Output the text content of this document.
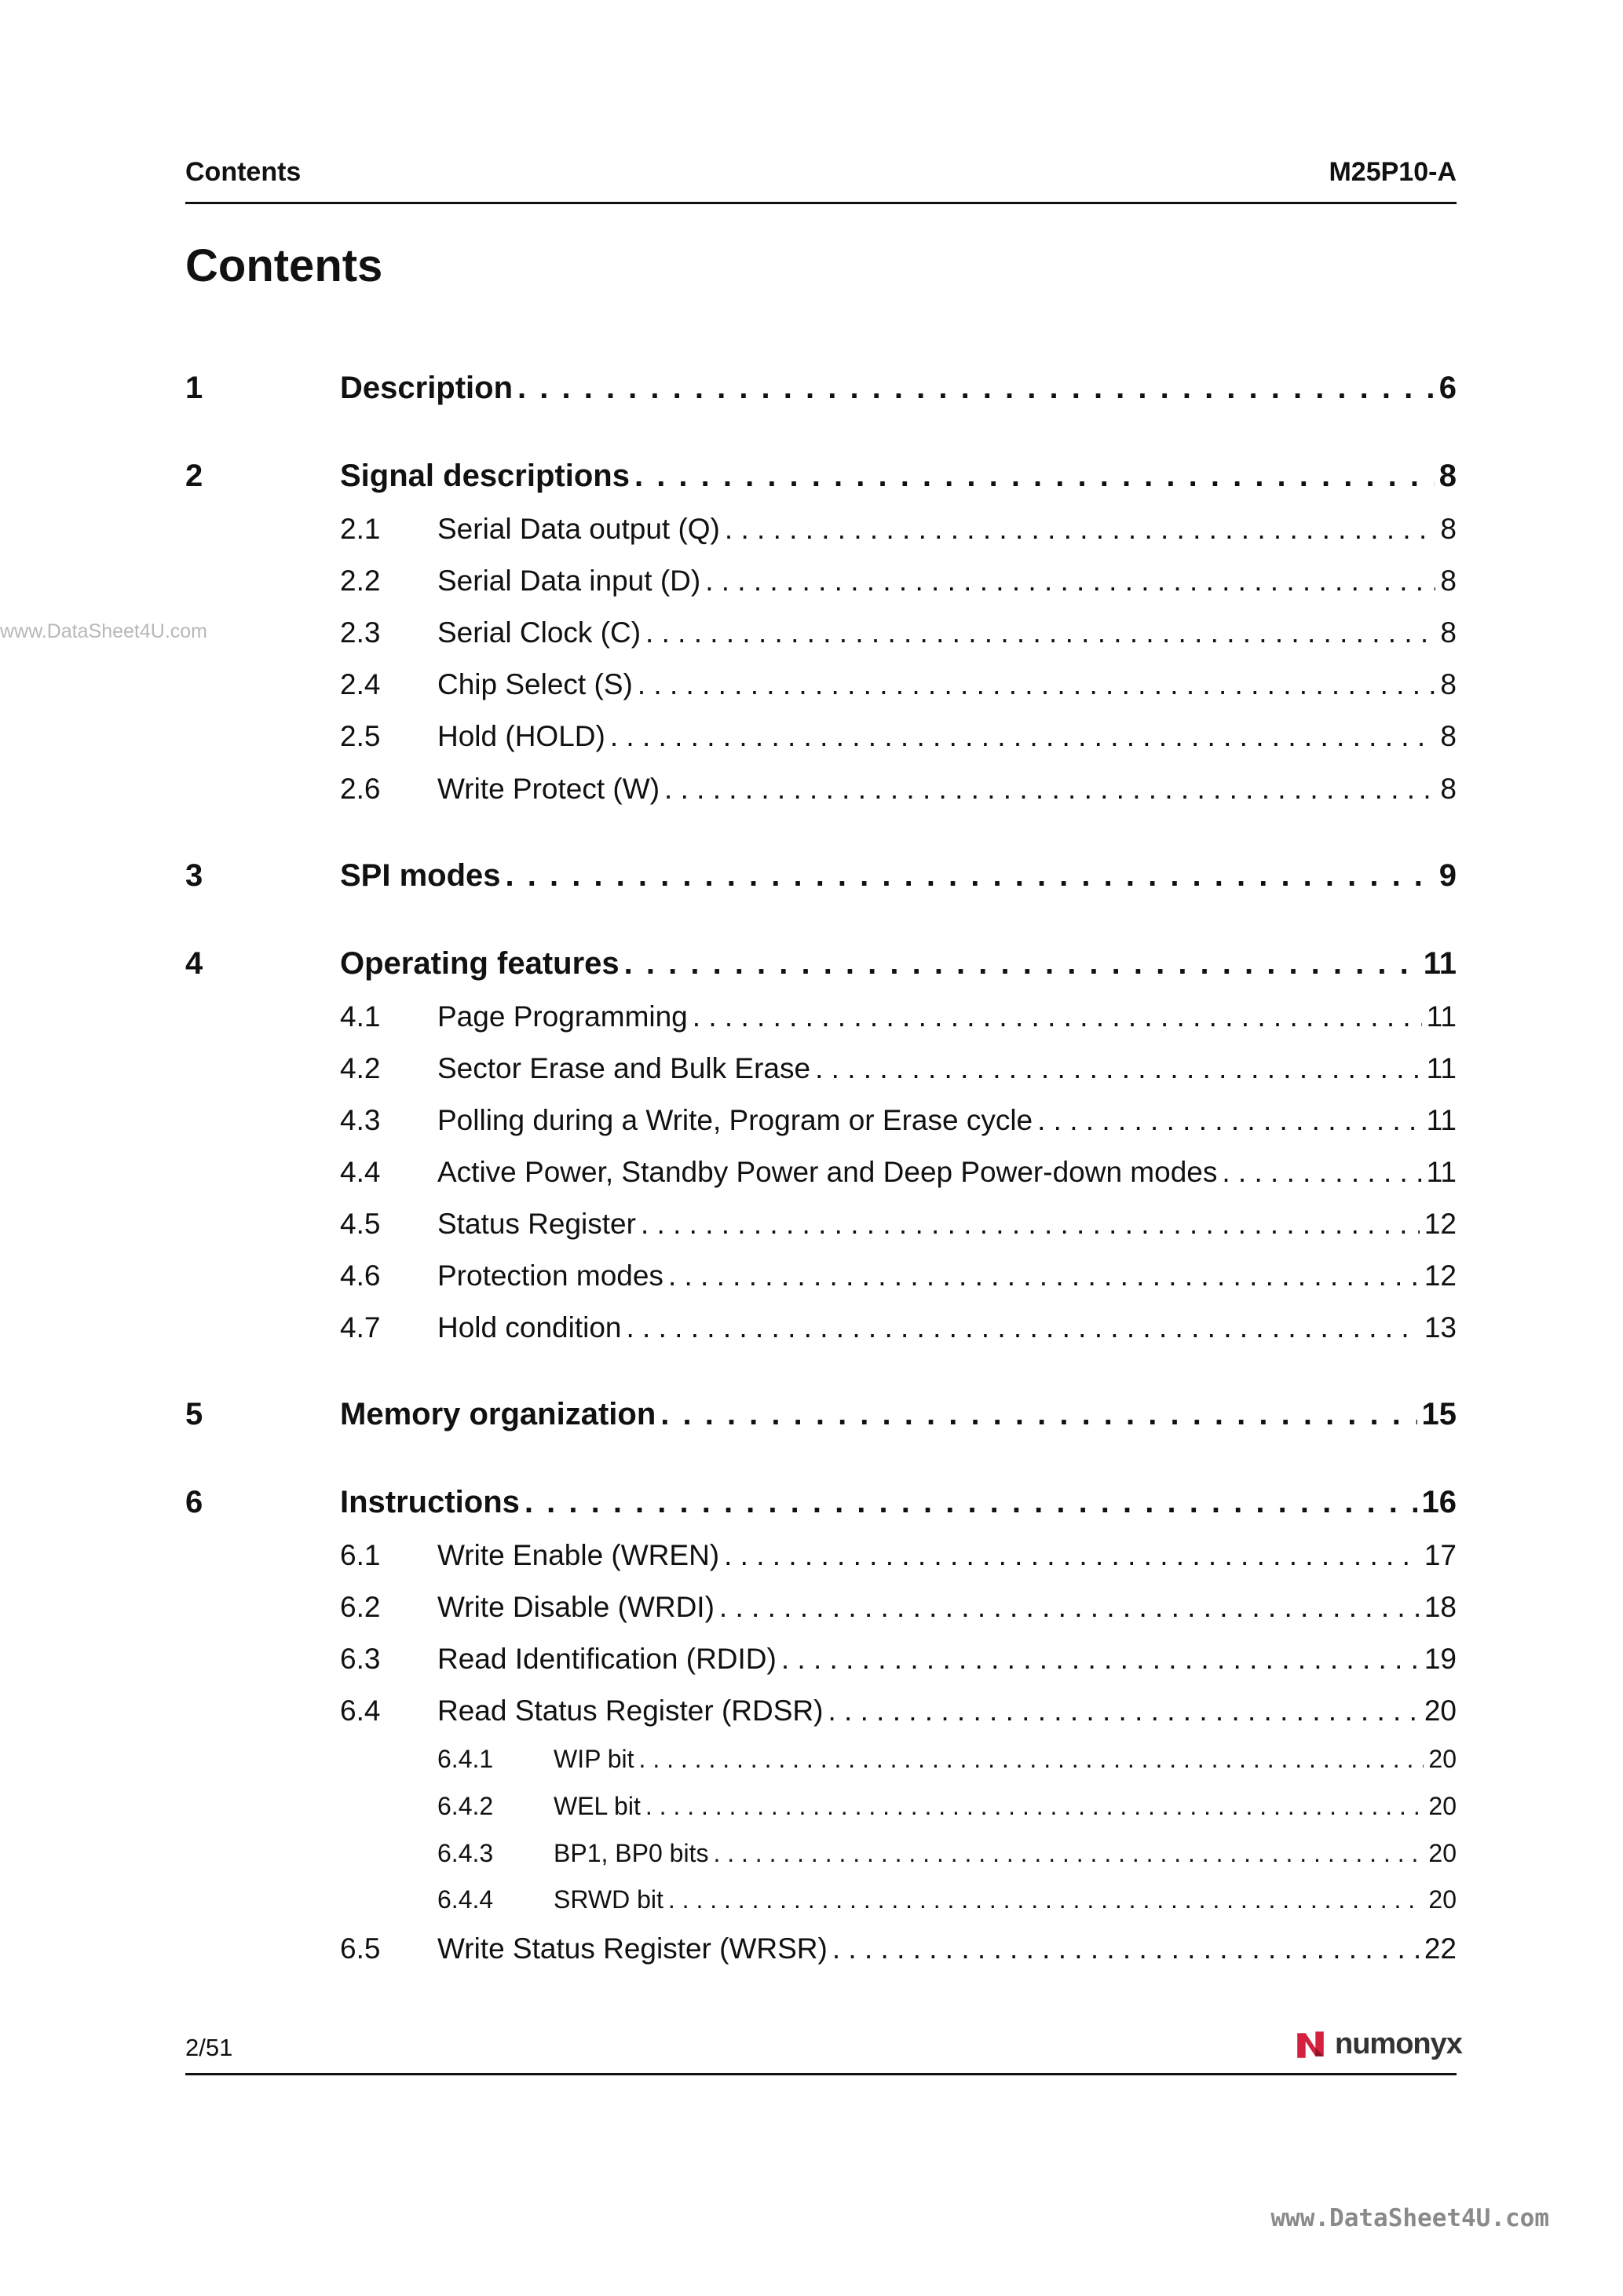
Contents	M25P10-A
Contents
www.DataSheet4U.com
1	Description . . .	6
2	Signal descriptions . . .	8
2.1 Serial Data output (Q) . . .	8
2.2 Serial Data input (D) . . .	8
2.3 Serial Clock (C) . . .	8
2.4 Chip Select $(\overline{S})$ . . .	8
2.5 Hold (HOLD) . . .	8
2.6 Write Protect $(\overline{W})$ . . .	8
3	SPI modes . . .	9
4	Operating features . . .	11
4.1 Page Programming . . .	11
4.2 Sector Erase and Bulk Erase . . .	11
4.3 Polling during a Write, Program or Erase cycle . . .	11
4.4 Active Power, Standby Power and Deep Power-down modes . . .	11
4.5 Status Register . . .	12
4.6 Protection modes . . .	12
4.7 Hold condition . . .	13
5	Memory organization . . .	15
6	Instructions . . .	16
6.1 Write Enable (WREN) . . .	17
6.2 Write Disable (WRDI) . . .	18
6.3 Read Identification (RDID) . . .	19
6.4 Read Status Register (RDSR) . . .	20
6.4.1 WIP bit . . .	20
6.4.2 WEL bit . . .	20
6.4.3 BP1, BP0 bits . . .	20
6.4.4 SRWD bit . . .	20
6.5 Write Status Register (WRSR) . . .	22
2/51	numonyx
www.DataSheet4U.com
